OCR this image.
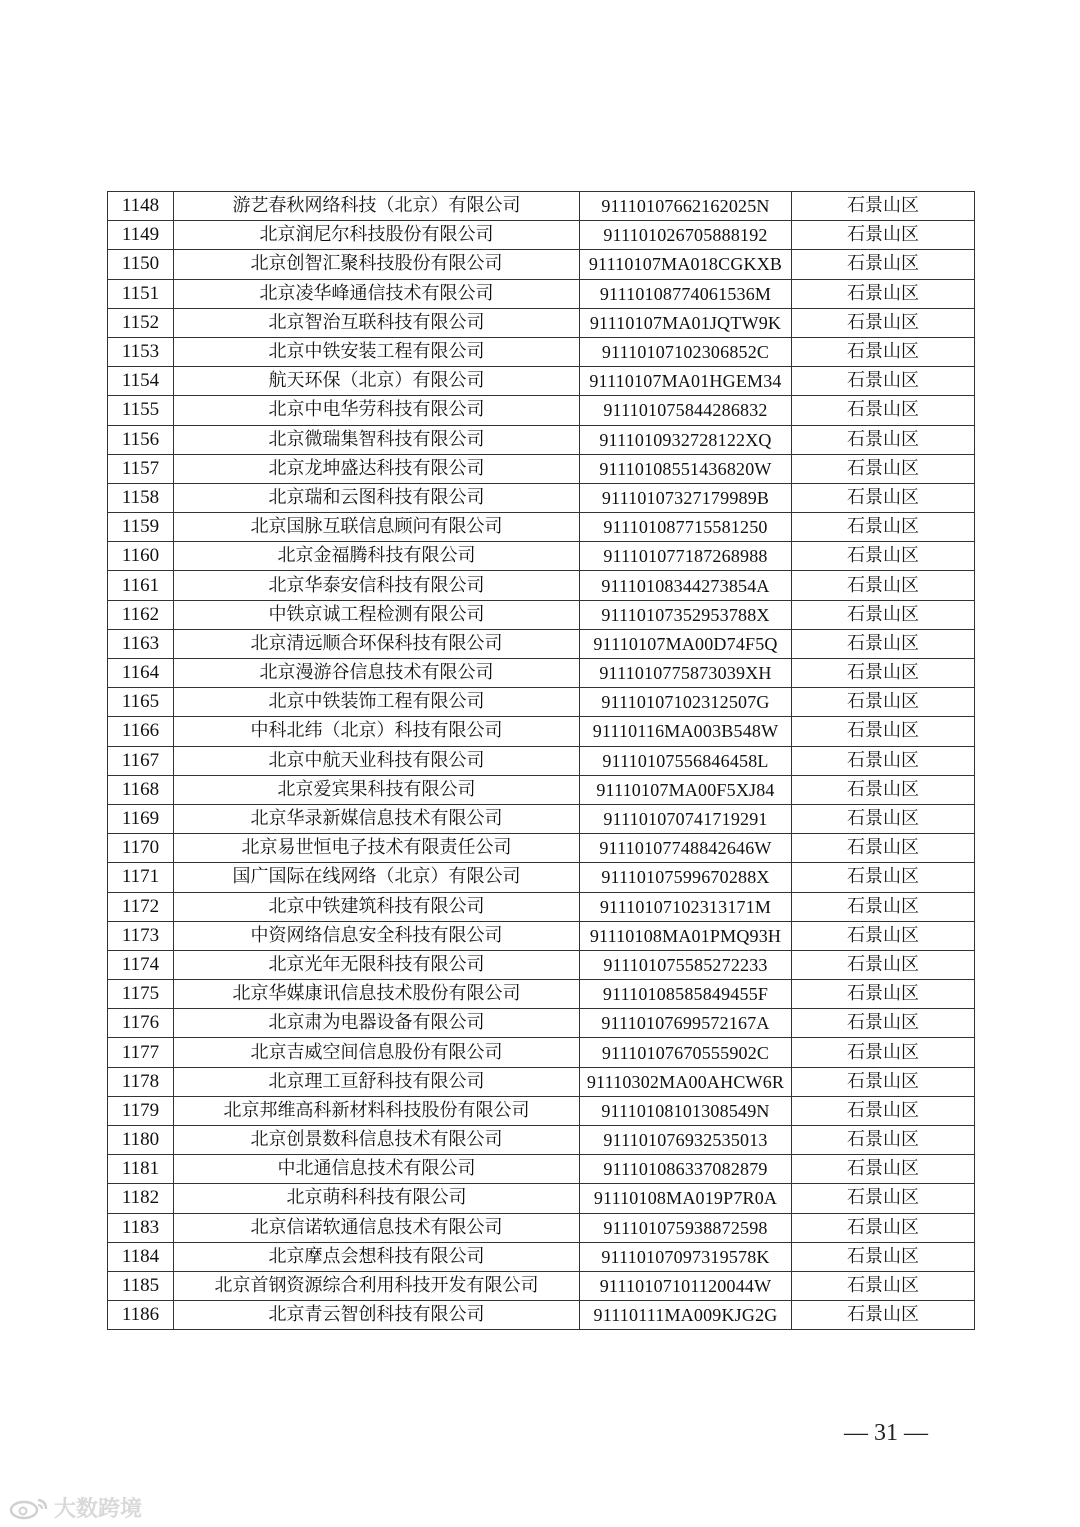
1148	游艺春秋网络科技（北京）有限公司	91110107662162025N	石景山区
1149	北京润尼尔科技股份有限公司	911101026705888192	石景山区
1150	北京创智汇聚科技股份有限公司	91110107MA018CGKXB	石景山区
1151	北京凌华峰通信技术有限公司	91110108774061536M	石景山区
1152	北京智治互联科技有限公司	91110107MA01JQTW9K	石景山区
1153	北京中铁安装工程有限公司	91110107102306852C	石景山区
1154	航天环保（北京）有限公司	91110107MA01HGEM34	石景山区
1155	北京中电华劳科技有限公司	911101075844286832	石景山区
1156	北京微瑞集智科技有限公司	9111010932728122XQ	石景山区
1157	北京龙坤盛达科技有限公司	91110108551436820W	石景山区
1158	北京瑞和云图科技有限公司	91110107327179989B	石景山区
1159	北京国脉互联信息顾问有限公司	911101087715581250	石景山区
1160	北京金福腾科技有限公司	911101077187268988	石景山区
1161	北京华泰安信科技有限公司	91110108344273854A	石景山区
1162	中铁京诚工程检测有限公司	91110107352953788X	石景山区
1163	北京清远顺合环保科技有限公司	91110107MA00D74F5Q	石景山区
1164	北京漫游谷信息技术有限公司	9111010775873039XH	石景山区
1165	北京中铁装饰工程有限公司	91110107102312507G	石景山区
1166	中科北纬（北京）科技有限公司	91110116MA003B548W	石景山区
1167	北京中航天业科技有限公司	91110107556846458L	石景山区
1168	北京爱宾果科技有限公司	91110107MA00F5XJ84	石景山区
1169	北京华录新媒信息技术有限公司	911101070741719291	石景山区
1170	北京易世恒电子技术有限责任公司	91110107748842646W	石景山区
1171	国广国际在线网络（北京）有限公司	91110107599670288X	石景山区
1172	北京中铁建筑科技有限公司	91110107102313171M	石景山区
1173	中资网络信息安全科技有限公司	91110108MA01PMQ93H	石景山区
1174	北京光年无限科技有限公司	911101075585272233	石景山区
1175	北京华媒康讯信息技术股份有限公司	91110108585849455F	石景山区
1176	北京肃为电器设备有限公司	91110107699572167A	石景山区
1177	北京吉威空间信息股份有限公司	91110107670555902C	石景山区
1178	北京理工亘舒科技有限公司	91110302MA00AHCW6R	石景山区
1179	北京邦维高科新材料科技股份有限公司	91110108101308549N	石景山区
1180	北京创景数科信息技术有限公司	911101076932535013	石景山区
1181	中北通信息技术有限公司	911101086337082879	石景山区
1182	北京萌科科技有限公司	91110108MA019P7R0A	石景山区
1183	北京信诺软通信息技术有限公司	911101075938872598	石景山区
1184	北京摩点会想科技有限公司	91110107097319578K	石景山区
1185	北京首钢资源综合利用科技开发有限公司	91110107101120044W	石景山区
1186	北京青云智创科技有限公司	91110111MA009KJG2G	石景山区
— 31 —
大数跨境
